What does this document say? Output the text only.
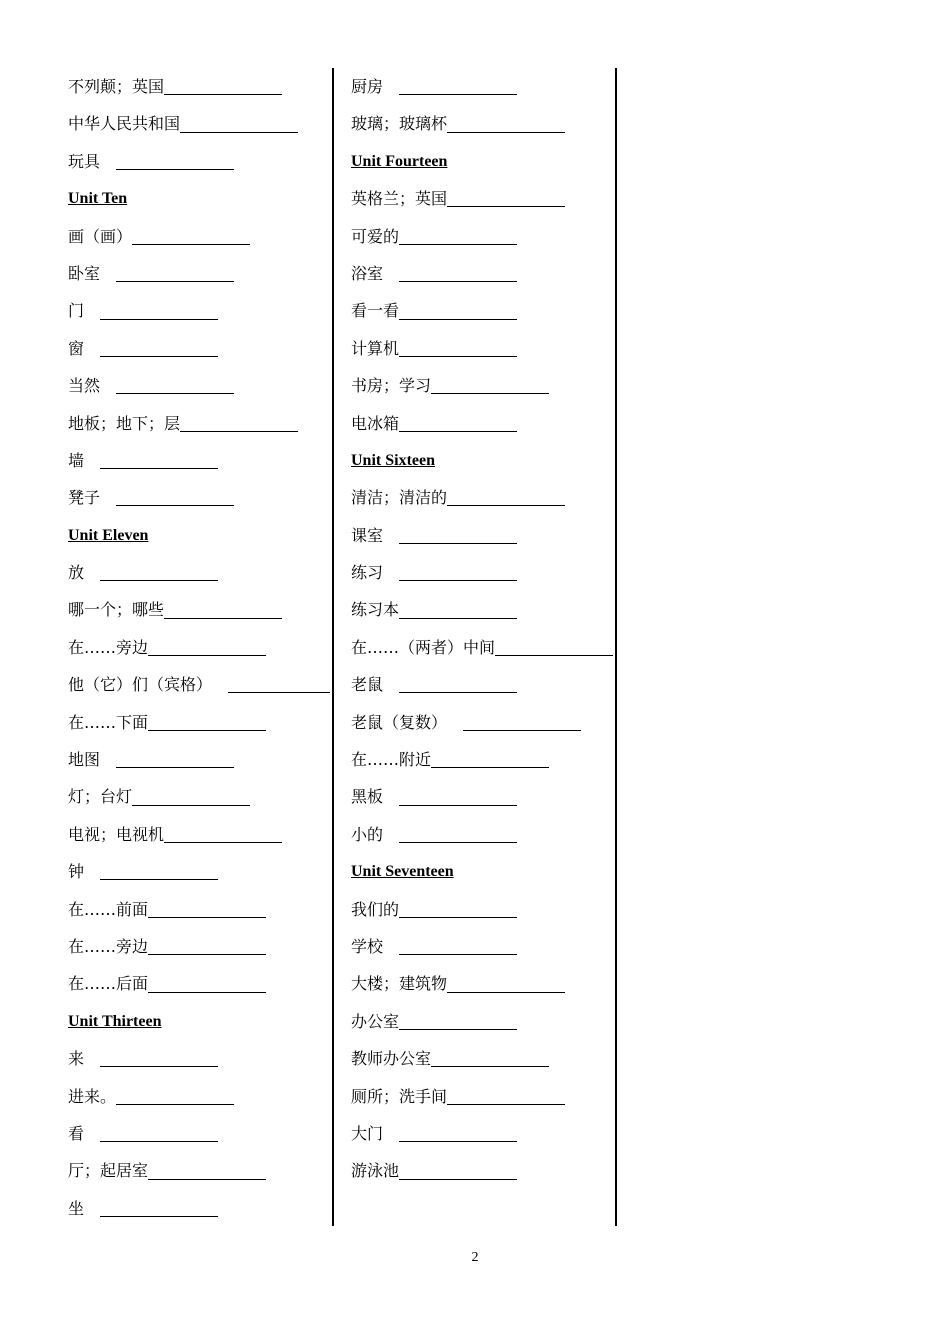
不列颠；英国
中华人民共和国
玩具
Unit Ten
画（画）
卧室
门
窗
当然
地板；地下；层
墙
凳子
Unit Eleven
放
哪一个；哪些
在……旁边
他（它）们（宾格）
在……下面
地图
灯；台灯
电视；电视机
钟
在……前面
在……旁边
在……后面
Unit Thirteen
来
进来。
看
厅；起居室
坐
厨房
玻璃；玻璃杯
Unit Fourteen
英格兰；英国
可爱的
浴室
看一看
计算机
书房；学习
电冰箱
Unit Sixteen
清洁；清洁的
课室
练习
练习本
在……（两者）中间
老鼠
老鼠（复数）
在……附近
黑板
小的
Unit Seventeen
我们的
学校
大楼；建筑物
办公室
教师办公室
厕所；洗手间
大门
游泳池
2
